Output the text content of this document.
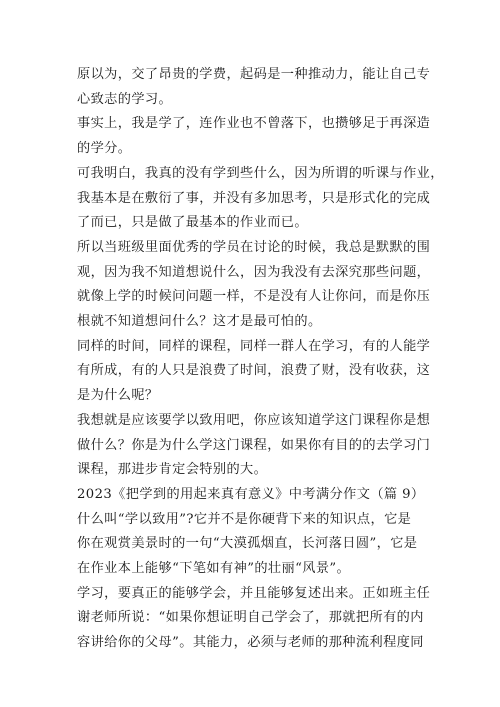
原以为，交了昂贵的学费，起码是一种推动力，能让自己专
心致志的学习。
事实上，我是学了，连作业也不曾落下，也攒够足于再深造
的学分。
可我明白，我真的没有学到些什么，因为所谓的听课与作业，
我基本是在敷衍了事，并没有多加思考，只是形式化的完成
了而已，只是做了最基本的作业而已。
所以当班级里面优秀的学员在讨论的时候，我总是默默的围
观，因为我不知道想说什么，因为我没有去深究那些问题，
就像上学的时候问问题一样，不是没有人让你问，而是你压
根就不知道想问什么？这才是最可怕的。
同样的时间，同样的课程，同样一群人在学习，有的人能学
有所成，有的人只是浪费了时间，浪费了财，没有收获，这
是为什么呢？
我想就是应该要学以致用吧，你应该知道学这门课程你是想
做什么？你是为什么学这门课程，如果你有目的的去学习门
课程，那进步肯定会特别的大。
2023《把学到的用起来真有意义》中考满分作文（篇 9）
什么叫“学以致用”?它并不是你硬背下来的知识点，它是
你在观赏美景时的一句“大漠孤烟直，长河落日圆”，它是
在作业本上能够“下笔如有神”的壮丽“风景”。
学习，要真正的能够学会，并且能够复述出来。正如班主任
谢老师所说：“如果你想证明自己学会了，那就把所有的内
容讲给你的父母”。其能力，必须与老师的那种流利程度同
